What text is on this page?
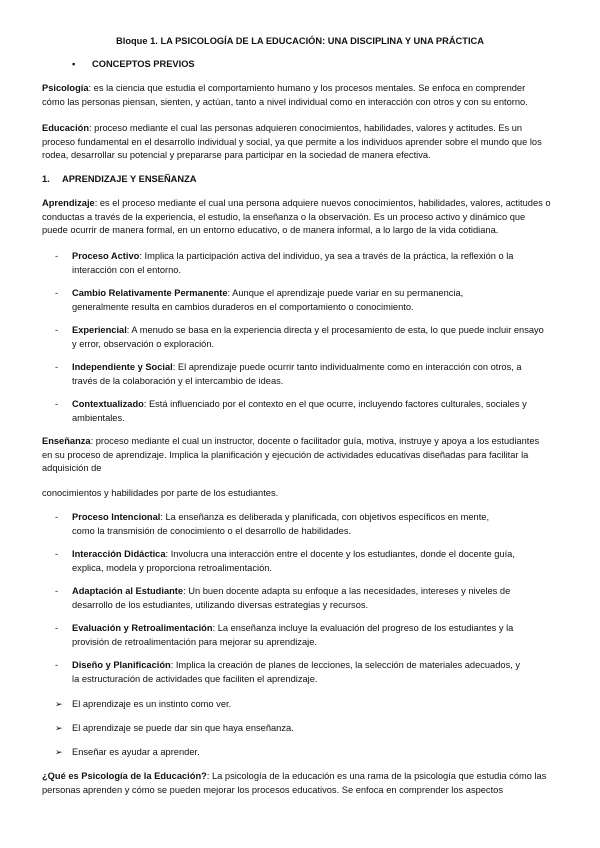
Bloque 1. LA PSICOLOGÍA DE LA EDUCACIÓN: UNA DISCIPLINA Y UNA PRÁCTICA
▪ CONCEPTOS PREVIOS
Psicología: es la ciencia que estudia el comportamiento humano y los procesos mentales. Se enfoca en comprender
cómo las personas piensan, sienten, y actúan, tanto a nivel individual como en interacción con otros y con su entorno.
Educación: proceso mediante el cual las personas adquieren conocimientos, habilidades, valores y actitudes. Es un
proceso fundamental en el desarrollo individual y social, ya que permite a los individuos aprender sobre el mundo que los
rodea, desarrollar su potencial y prepararse para participar en la sociedad de manera efectiva.
1. APRENDIZAJE Y ENSEÑANZA
Aprendizaje: es el proceso mediante el cual una persona adquiere nuevos conocimientos, habilidades, valores, actitudes o
conductas a través de la experiencia, el estudio, la enseñanza o la observación. Es un proceso activo y dinámico que
puede ocurrir de manera formal, en un entorno educativo, o de manera informal, a lo largo de la vida cotidiana.
- Proceso Activo: Implica la participación activa del individuo, ya sea a través de la práctica, la reflexión o la
interacción con el entorno.
- Cambio Relativamente Permanente: Aunque el aprendizaje puede variar en su permanencia,
generalmente resulta en cambios duraderos en el comportamiento o conocimiento.
- Experiencial: A menudo se basa en la experiencia directa y el procesamiento de esta, lo que puede incluir ensayo
y error, observación o exploración.
- Independiente y Social: El aprendizaje puede ocurrir tanto individualmente como en interacción con otros, a
través de la colaboración y el intercambio de ideas.
- Contextualizado: Está influenciado por el contexto en el que ocurre, incluyendo factores culturales, sociales y
ambientales.
Enseñanza: proceso mediante el cual un instructor, docente o facilitador guía, motiva, instruye y apoya a los estudiantes
en su proceso de aprendizaje. Implica la planificación y ejecución de actividades educativas diseñadas para facilitar la
adquisición de
conocimientos y habilidades por parte de los estudiantes.
- Proceso Intencional: La enseñanza es deliberada y planificada, con objetivos específicos en mente,
como la transmisión de conocimiento o el desarrollo de habilidades.
- Interacción Didáctica: Involucra una interacción entre el docente y los estudiantes, donde el docente guía,
explica, modela y proporciona retroalimentación.
- Adaptación al Estudiante: Un buen docente adapta su enfoque a las necesidades, intereses y niveles de
desarrollo de los estudiantes, utilizando diversas estrategias y recursos.
- Evaluación y Retroalimentación: La enseñanza incluye la evaluación del progreso de los estudiantes y la
provisión de retroalimentación para mejorar su aprendizaje.
- Diseño y Planificación: Implica la creación de planes de lecciones, la selección de materiales adecuados, y
la estructuración de actividades que faciliten el aprendizaje.
➢ El aprendizaje es un instinto como ver.
➢ El aprendizaje se puede dar sin que haya enseñanza.
➢ Enseñar es ayudar a aprender.
¿Qué es Psicología de la Educación?: La psicología de la educación es una rama de la psicología que estudia cómo las
personas aprenden y cómo se pueden mejorar los procesos educativos. Se enfoca en comprender los aspectos
